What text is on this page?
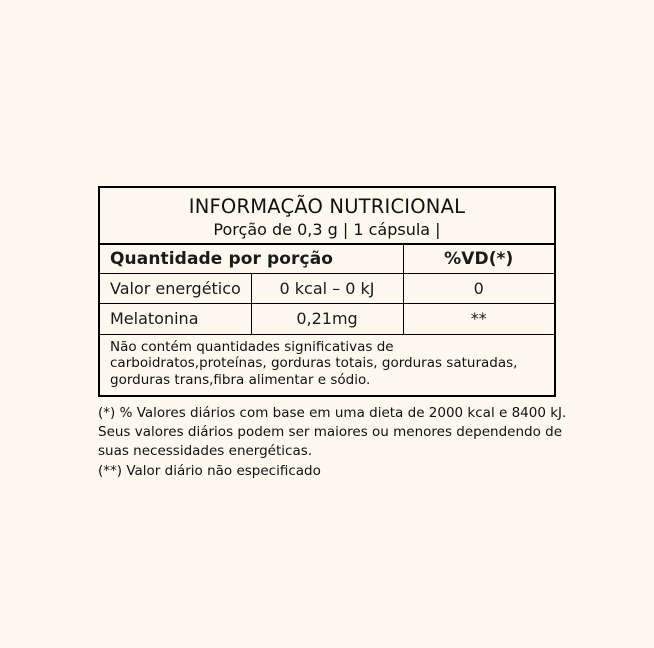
INFORMAÇÃO NUTRICIONAL
Porção de 0,3 g | 1 cápsula |		

Quantidade por porção		%VD(*)
Valor energético	0 kcal – 0 kJ	0
Melatonina	0,21mg	**

Não contém quantidades significativas de carboidratos,proteínas, gorduras totais, gorduras saturadas, gorduras trans,fibra alimentar e sódio.		
(*) % Valores diários com base em uma dieta de 2000 kcal e 8400 kJ. Seus valores diários podem ser maiores ou menores dependendo de suas necessidades energéticas.
(**) Valor diário não especificado
